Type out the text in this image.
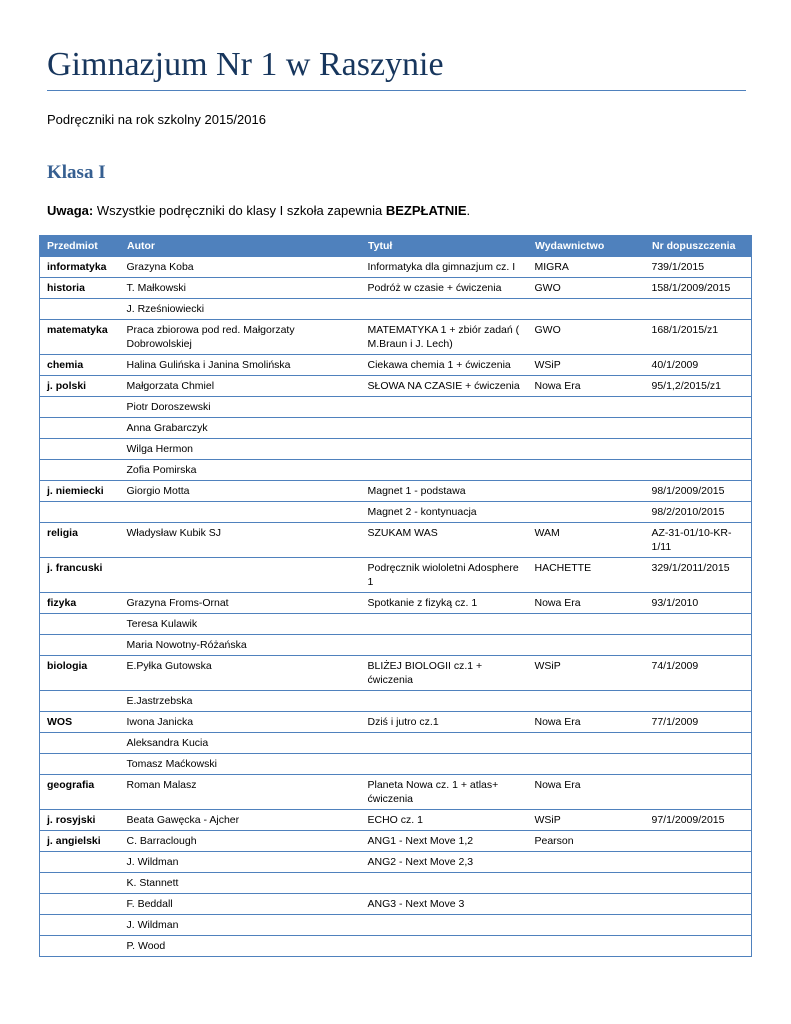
Gimnazjum Nr 1 w Raszynie
Podręczniki na rok szkolny 2015/2016
Klasa I
Uwaga: Wszystkie podręczniki do klasy I szkoła zapewnia BEZPŁATNIE.
Przedmiot	Autor	Tytuł	Wydawnictwo	Nr dopuszczenia
informatyka	Grazyna Koba	Informatyka dla gimnazjum cz. I	MIGRA	739/1/2015
historia	T. Małkowski	Podróż w czasie + ćwiczenia	GWO	158/1/2009/2015
	J. Rześniowiecki			
matematyka	Praca zbiorowa pod red. Małgorzaty Dobrowolskiej	MATEMATYKA 1 + zbiór zadań ( M.Braun i J. Lech)	GWO	168/1/2015/z1
chemia	Halina Gulińska i Janina Smolińska	Ciekawa chemia 1 + ćwiczenia	WSiP	40/1/2009
j. polski	Małgorzata Chmiel	SŁOWA NA CZASIE + ćwiczenia	Nowa Era	95/1,2/2015/z1
	Piotr Doroszewski			
	Anna Grabarczyk			
	Wilga Hermon			
	Zofia Pomirska			
j. niemiecki	Giorgio Motta	Magnet 1 - podstawa		98/1/2009/2015
		Magnet 2 - kontynuacja		98/2/2010/2015
religia	Władysław Kubik SJ	SZUKAM WAS	WAM	AZ-31-01/10-KR-1/11
j. francuski		Podręcznik wiololetni Adosphere 1	HACHETTE	329/1/2011/2015
fizyka	Grazyna Froms-Ornat	Spotkanie z fizyką cz. 1	Nowa Era	93/1/2010
	Teresa Kulawik			
	Maria Nowotny-Różańska			
biologia	E.Pyłka Gutowska	BLIŻEJ BIOLOGII cz.1 + ćwiczenia	WSiP	74/1/2009
	E.Jastrzebska			
WOS	Iwona Janicka	Dziś i jutro cz.1	Nowa Era	77/1/2009
	Aleksandra Kucia			
	Tomasz Maćkowski			
geografia	Roman Malasz	Planeta Nowa cz. 1 + atlas+ ćwiczenia	Nowa Era	
j. rosyjski	Beata Gawęcka - Ajcher	ECHO cz. 1	WSiP	97/1/2009/2015
j. angielski	C. Barraclough	ANG1 - Next Move 1,2	Pearson	
	J. Wildman	ANG2 - Next Move 2,3		
	K. Stannett			
	F. Beddall	ANG3 - Next Move 3		
	J. Wildman			
	P. Wood			
